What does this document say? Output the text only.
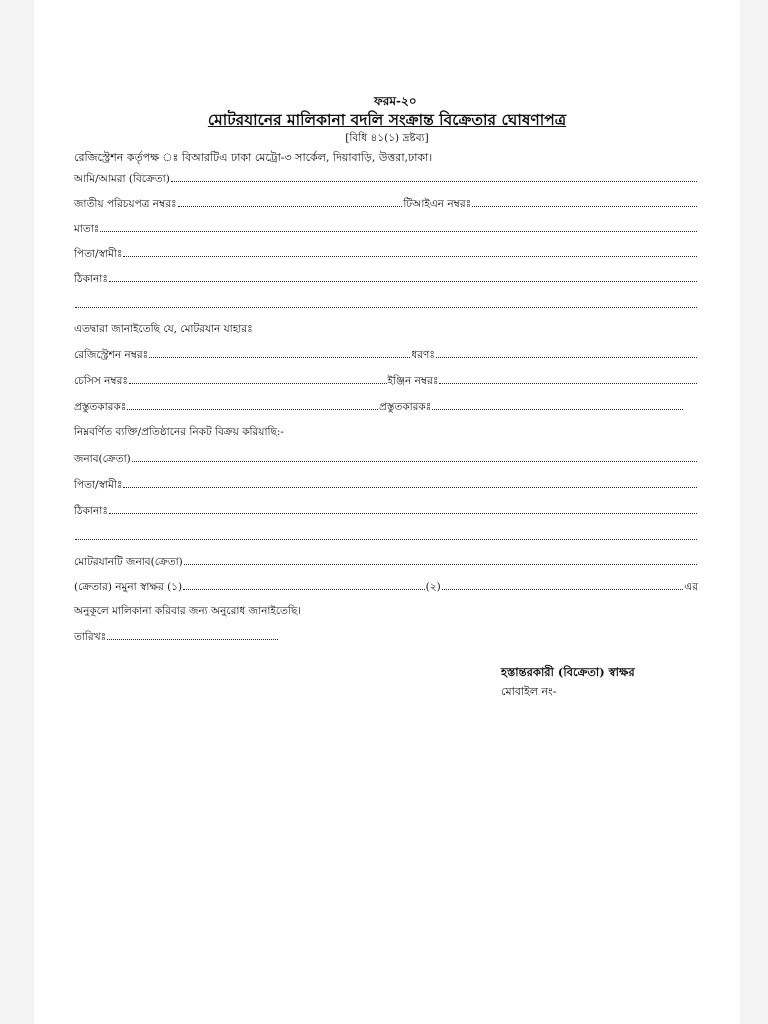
ফরম-২০
মোটরযানের মালিকানা বদলি সংক্রান্ত বিক্রেতার ঘোষণাপত্র
[বিধি ৪১(১) দ্রষ্টব্য]
রেজিস্ট্রেশন কর্তৃপক্ষ ঃ বিআরটিএ ঢাকা মেট্রো-৩ সার্কেল, দিয়াবাড়ি, উত্তরা,ঢাকা।
আমি/আমরা (বিক্রেতা)
জাতীয় পরিচয়পত্র নম্বরঃ	টিআইএন নম্বরঃ
মাতাঃ
পিতা/স্বামীঃ
ঠিকানাঃ
এতদ্বারা জানাইতেছি যে, মোটরযান যাহারঃ
রেজিস্ট্রেশন নম্বরঃ	ধরণঃ
চেসিস নম্বরঃ	ইঞ্জিন নম্বরঃ
প্রস্তুতকারকঃ	প্রস্তুতকারকঃ
নিম্নবর্ণিত ব্যক্তি/প্রতিষ্ঠানের নিকট বিক্রয় করিয়াছি:-
জনাব(ক্রেতা)
পিতা/স্বামীঃ
ঠিকানাঃ
মোটরযানটি জনাব(ক্রেতা)
(ক্রেতার) নমুনা স্বাক্ষর (১)	(২)	এর
অনুকূলে মালিকানা করিবার জন্য অনুরোধ জানাইতেছি।
তারিখঃ
হস্তান্তরকারী (বিক্রেতা) স্বাক্ষর
মোবাইল নং-
